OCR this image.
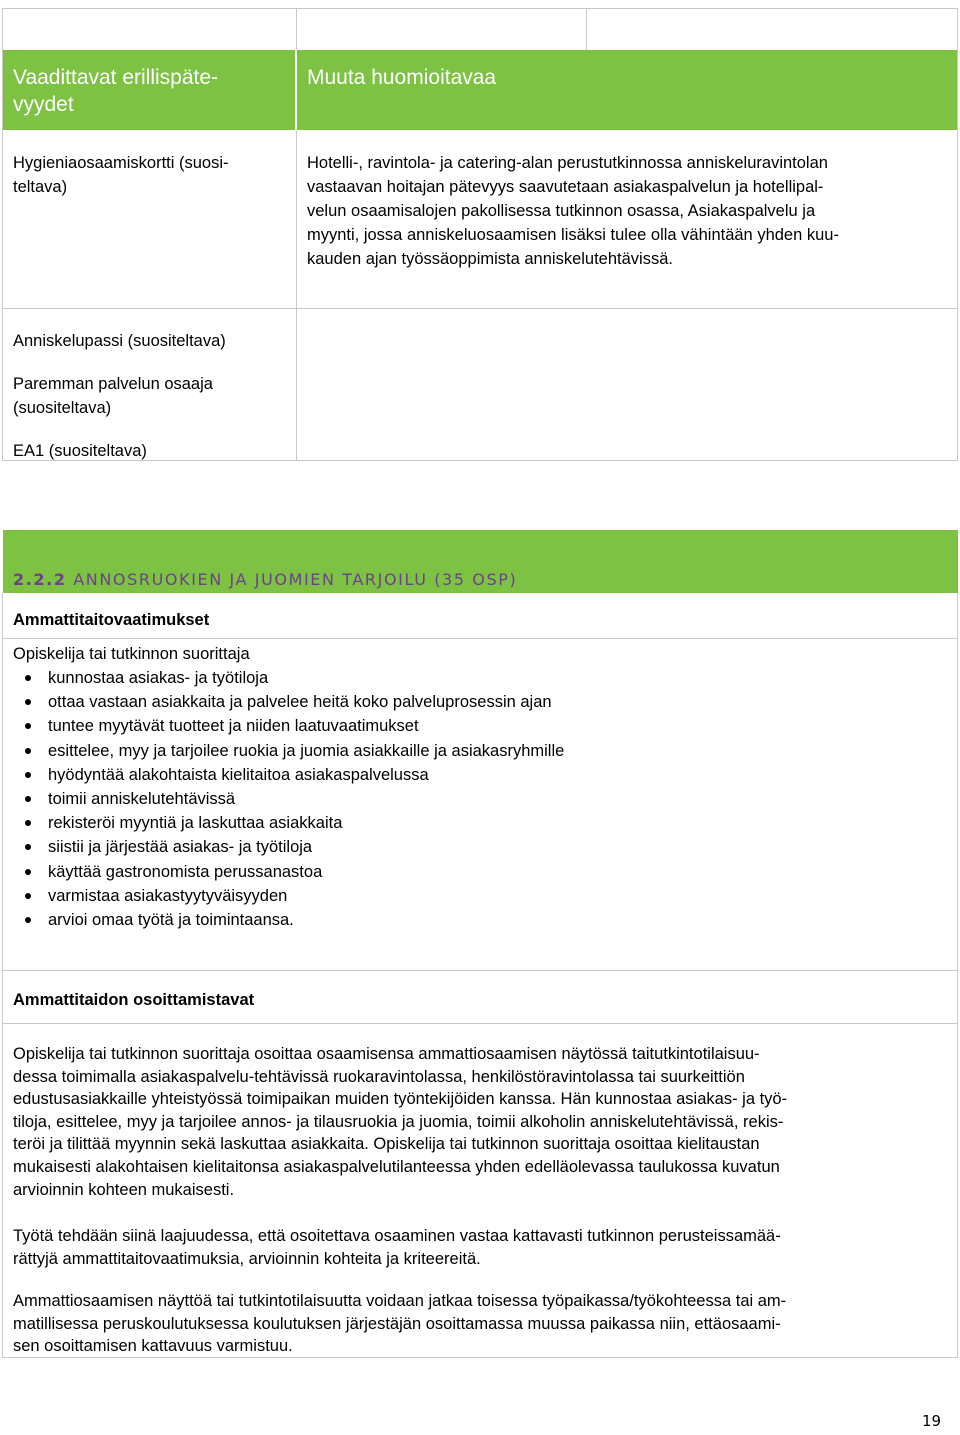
Vaadittavat erillispäte-
vyydet
Muuta huomioitavaa
Hygieniaosaamiskortti (suosi-
teltava)
Hotelli-, ravintola- ja catering-alan perustutkinnossa anniskeluravintolan
vastaavan hoitajan pätevyys saavutetaan asiakaspalvelun ja hotellipal-
velun osaamisalojen pakollisessa tutkinnon osassa, Asiakaspalvelu ja
myynti, jossa anniskeluosaamisen lisäksi tulee olla vähintään yhden kuu-
kauden ajan työssäoppimista anniskelutehtävissä.
Anniskelupassi (suositeltava)
Paremman palvelun osaaja
(suositeltava)
EA1 (suositeltava)
2.2.2 ANNOSRUOKIEN JA JUOMIEN TARJOILU (35 OSP)
Ammattitaitovaatimukset
Opiskelija tai tutkinnon suorittaja
kunnostaa asiakas- ja työtiloja
ottaa vastaan asiakkaita ja palvelee heitä koko palveluprosessin ajan
tuntee myytävät tuotteet ja niiden laatuvaatimukset
esittelee, myy ja tarjoilee ruokia ja juomia asiakkaille ja asiakasryhmille
hyödyntää alakohtaista kielitaitoa asiakaspalvelussa
toimii anniskelutehtävissä
rekisteröi myyntiä ja laskuttaa asiakkaita
siistii ja järjestää asiakas- ja työtiloja
käyttää gastronomista perussanastoa
varmistaa asiakastyytyväisyyden
arvioi omaa työtä ja toimintaansa.
Ammattitaidon osoittamistavat
Opiskelija tai tutkinnon suorittaja osoittaa osaamisensa ammattiosaamisen näytössä taitutkintotilaisuu-
dessa toimimalla asiakaspalvelu-tehtävissä ruokaravintolassa, henkilöstöravintolassa tai suurkeittiön
edustusasiakkaille yhteistyössä toimipaikan muiden työntekijöiden kanssa. Hän kunnostaa asiakas- ja työ-
tiloja, esittelee, myy ja tarjoilee annos- ja tilausruokia ja juomia, toimii alkoholin anniskelutehtävissä, rekis-
teröi ja tilittää myynnin sekä laskuttaa asiakkaita. Opiskelija tai tutkinnon suorittaja osoittaa kielitaustan
mukaisesti alakohtaisen kielitaitonsa asiakaspalvelutilanteessa yhden edelläolevassa taulukossa kuvatun
arvioinnin kohteen mukaisesti.
Työtä tehdään siinä laajuudessa, että osoitettava osaaminen vastaa kattavasti tutkinnon perusteissamää-
rättyjä ammattitaitovaatimuksia, arvioinnin kohteita ja kriteereitä.
Ammattiosaamisen näyttöä tai tutkintotilaisuutta voidaan jatkaa toisessa työpaikassa/työkohteessa tai am-
matillisessa peruskoulutuksessa koulutuksen järjestäjän osoittamassa muussa paikassa niin, ettäosaami-
sen osoittamisen kattavuus varmistuu.
19
